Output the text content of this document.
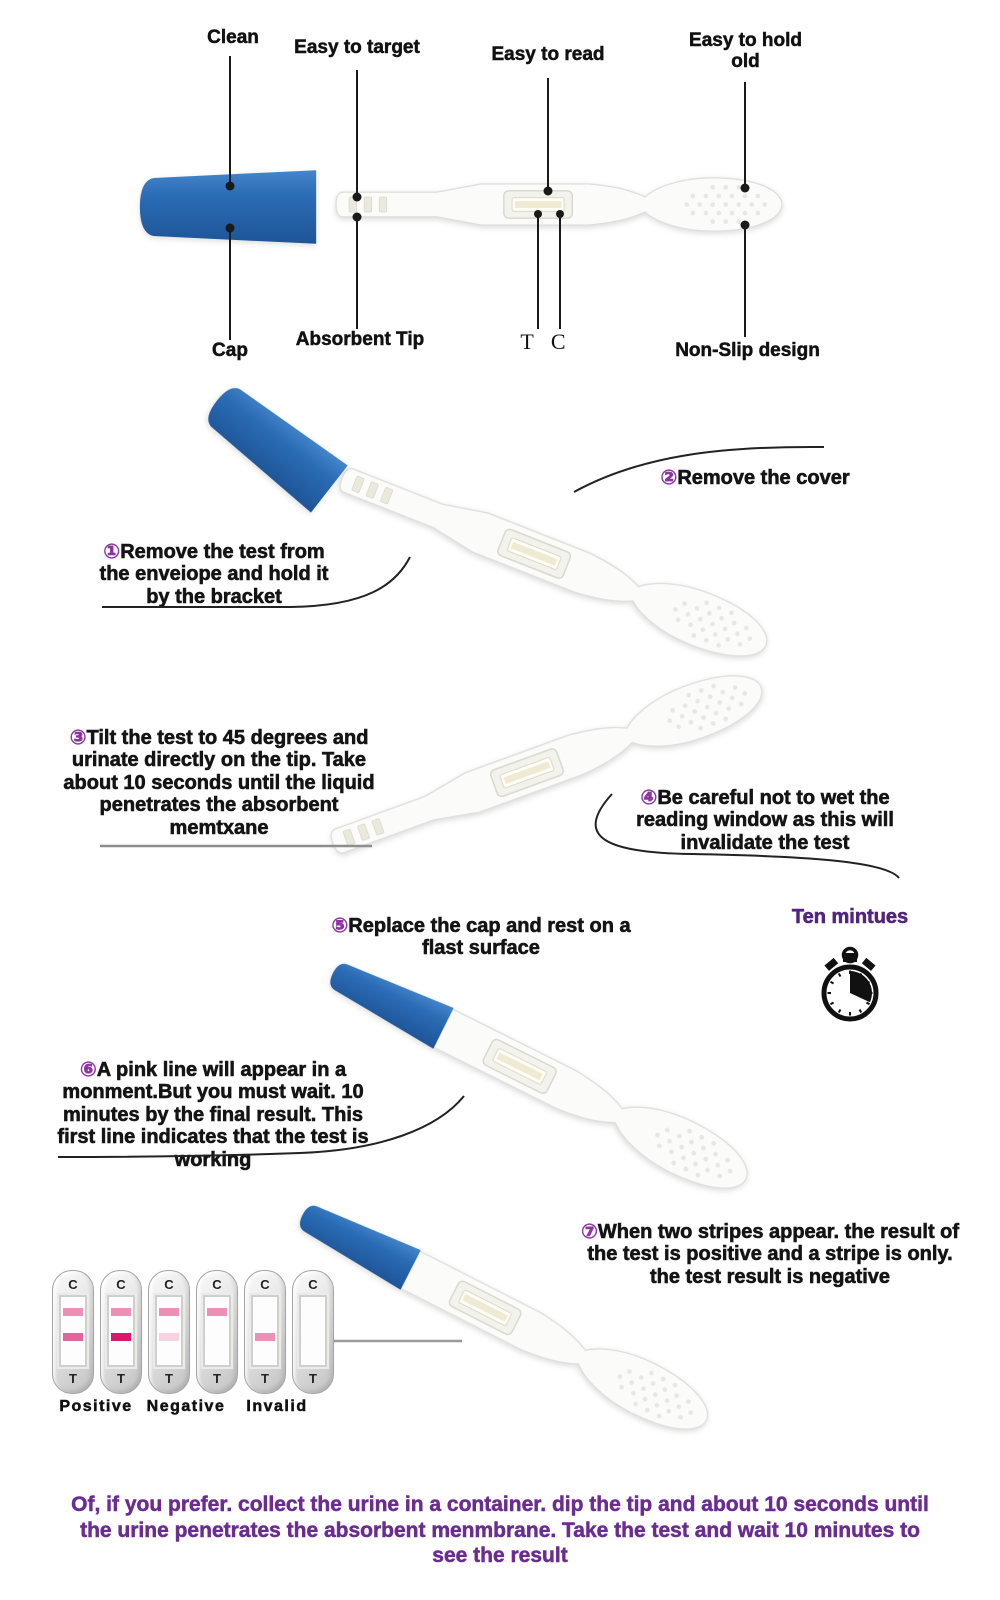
Clean	Easy to target	Easy to read
Easy to hold old
Cap
Absorbent Tip	T C	Non-Slip design
①Remove the test from the enveiope and hold it by the bracket
②Remove the cover
③Tilt the test to 45 degrees and urinate directly on the tip. Take about 10 seconds until the liquid penetrates the absorbent memtxane
④Be careful not to wet the reading window as this will invalidate the test
⑤Replace the cap and rest on a flast surface
Ten mintues
⑥A pink line will appear in a monment.But you must wait. 10 minutes by the final result. This first line indicates that the test is working
⑦When two stripes appear. the result of the test is positive and a stripe is only. the test result is negative
C
T
C
T
C
T
C
T
C
T
C
T
Positive Negative	Invalid
Of, if you prefer. collect the urine in a container. dip the tip and about 10 seconds until the urine penetrates the absorbent menmbrane. Take the test and wait 10 minutes to see the result
